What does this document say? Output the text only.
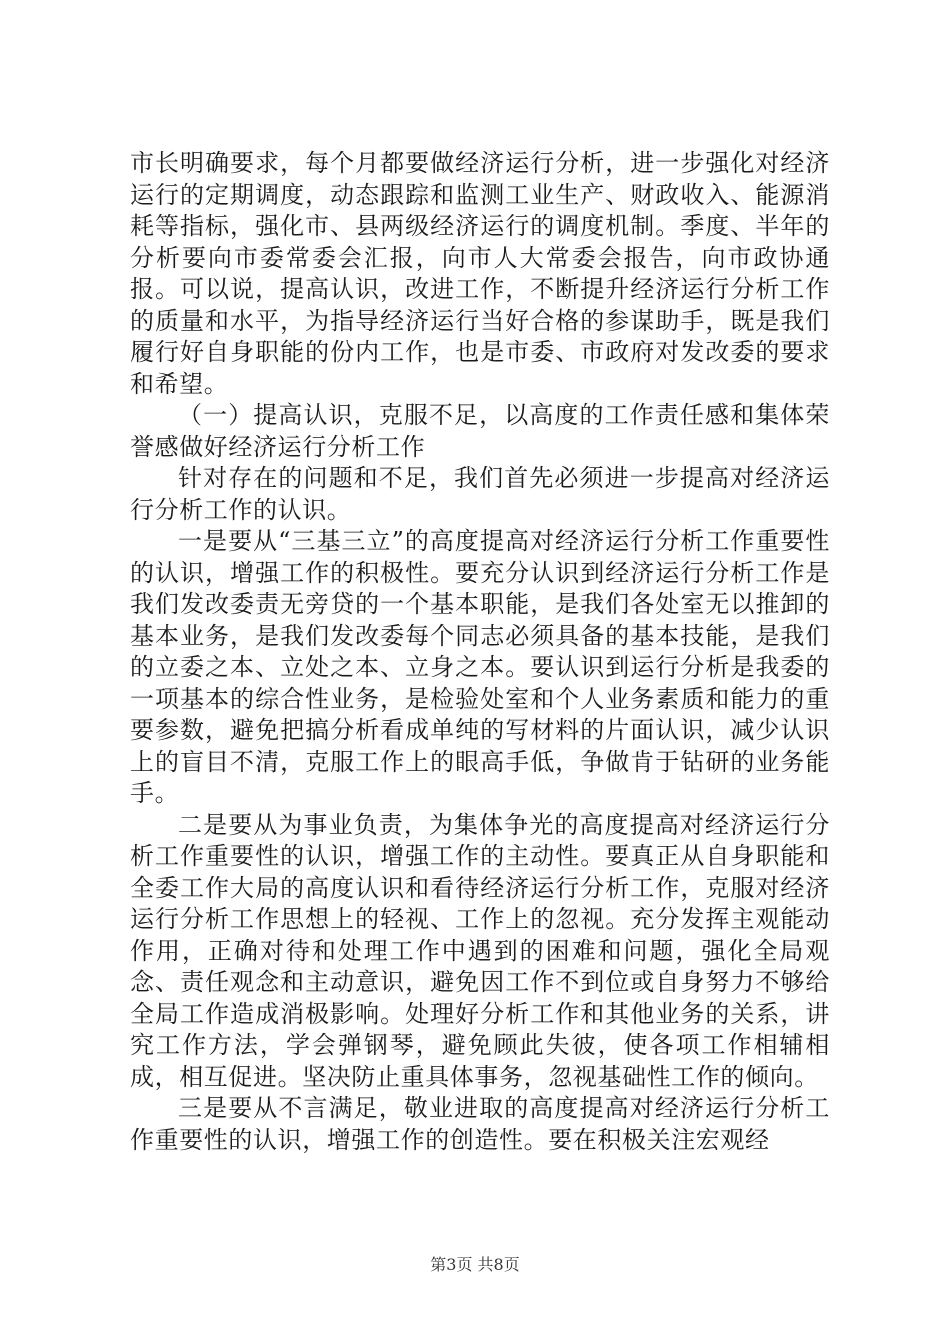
市长明确要求，每个月都要做经济运行分析，进一步强化对经济运行的定期调度，动态跟踪和监测工业生产、财政收入、能源消耗等指标，强化市、县两级经济运行的调度机制。季度、半年的分析要向市委常委会汇报，向市人大常委会报告，向市政协通报。可以说，提高认识，改进工作，不断提升经济运行分析工作的质量和水平，为指导经济运行当好合格的参谋助手，既是我们履行好自身职能的份内工作，也是市委、市政府对发改委的要求和希望。

（一）提高认识，克服不足，以高度的工作责任感和集体荣誉感做好经济运行分析工作

针对存在的问题和不足，我们首先必须进一步提高对经济运行分析工作的认识。

一是要从“三基三立”的高度提高对经济运行分析工作重要性的认识，增强工作的积极性。要充分认识到经济运行分析工作是我们发改委责无旁贷的一个基本职能，是我们各处室无以推卸的基本业务，是我们发改委每个同志必须具备的基本技能，是我们的立委之本、立处之本、立身之本。要认识到运行分析是我委的一项基本的综合性业务，是检验处室和个人业务素质和能力的重要参数，避免把搞分析看成单纯的写材料的片面认识，减少认识上的盲目不清，克服工作上的眼高手低，争做肯于钻研的业务能手。

二是要从为事业负责，为集体争光的高度提高对经济运行分析工作重要性的认识，增强工作的主动性。要真正从自身职能和全委工作大局的高度认识和看待经济运行分析工作，克服对经济运行分析工作思想上的轻视、工作上的忽视。充分发挥主观能动作用，正确对待和处理工作中遇到的困难和问题，强化全局观念、责任观念和主动意识，避免因工作不到位或自身努力不够给全局工作造成消极影响。处理好分析工作和其他业务的关系，讲究工作方法，学会弹钢琴，避免顾此失彼，使各项工作相辅相成，相互促进。坚决防止重具体事务，忽视基础性工作的倾向。

三是要从不言满足，敬业进取的高度提高对经济运行分析工作重要性的认识，增强工作的创造性。要在积极关注宏观经

第3页 共8页
